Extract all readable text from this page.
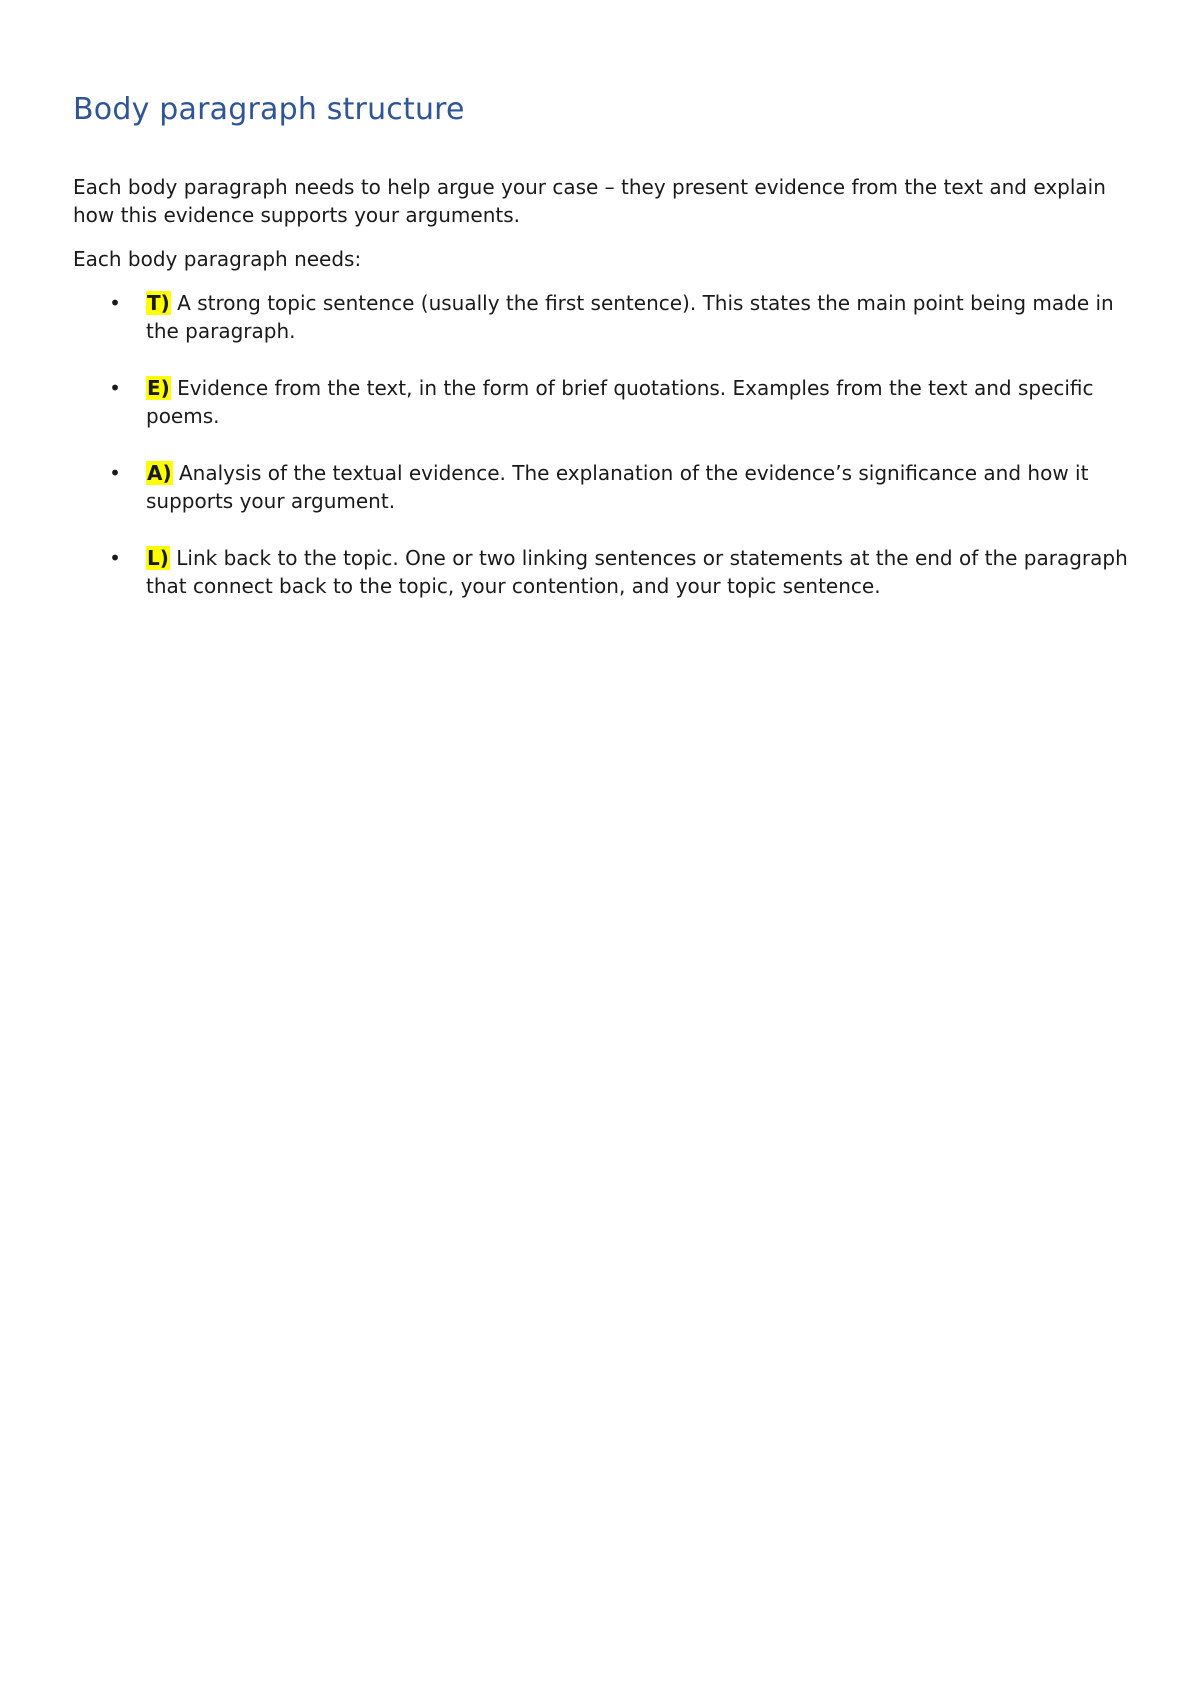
Body paragraph structure

Each body paragraph needs to help argue your case – they present evidence from the text and explain how this evidence supports your arguments.

Each body paragraph needs:

• T) A strong topic sentence (usually the first sentence). This states the main point being made in the paragraph.
• E) Evidence from the text, in the form of brief quotations. Examples from the text and specific poems.
• A) Analysis of the textual evidence. The explanation of the evidence’s significance and how it supports your argument.
• L) Link back to the topic. One or two linking sentences or statements at the end of the paragraph that connect back to the topic, your contention, and your topic sentence.
